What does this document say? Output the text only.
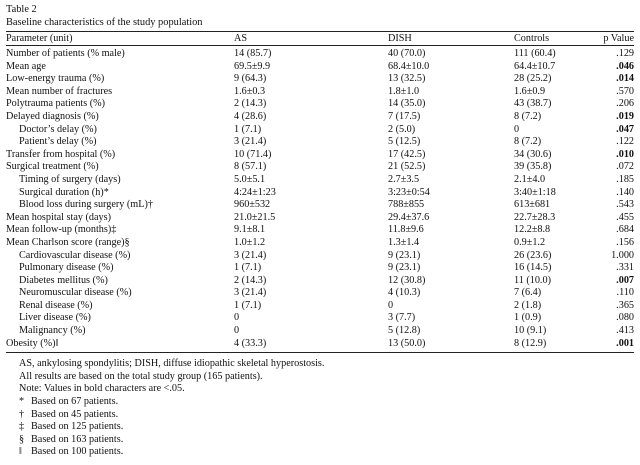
Table 2
Baseline characteristics of the study population
Parameter (unit)	AS	DISH	Controls	p Value
Number of patients (% male)	14 (85.7)	40 (70.0)	111 (60.4)	.129
Mean age	69.5±9.9	68.4±10.0	64.4±10.7	.046
Low-energy trauma (%)	9 (64.3)	13 (32.5)	28 (25.2)	.014
Mean number of fractures	1.6±0.3	1.8±1.0	1.6±0.9	.570
Polytrauma patients (%)	2 (14.3)	14 (35.0)	43 (38.7)	.206
Delayed diagnosis (%)	4 (28.6)	7 (17.5)	8 (7.2)	.019
Doctor’s delay (%)	1 (7.1)	2 (5.0)	0	.047
Patient’s delay (%)	3 (21.4)	5 (12.5)	8 (7.2)	.122
Transfer from hospital (%)	10 (71.4)	17 (42.5)	34 (30.6)	.010
Surgical treatment (%)	8 (57.1)	21 (52.5)	39 (35.8)	.072
Timing of surgery (days)	5.0±5.1	2.7±3.5	2.1±4.0	.185
Surgical duration (h)*	4:24±1:23	3:23±0:54	3:40±1:18	.140
Blood loss during surgery (mL)†	960±532	788±855	613±681	.543
Mean hospital stay (days)	21.0±21.5	29.4±37.6	22.7±28.3	.455
Mean follow-up (months)‡	9.1±8.1	11.8±9.6	12.2±8.8	.684
Mean Charlson score (range)§	1.0±1.2	1.3±1.4	0.9±1.2	.156
Cardiovascular disease (%)	3 (21.4)	9 (23.1)	26 (23.6)	1.000
Pulmonary disease (%)	1 (7.1)	9 (23.1)	16 (14.5)	.331
Diabetes mellitus (%)	2 (14.3)	12 (30.8)	11 (10.0)	.007
Neuromuscular disease (%)	3 (21.4)	4 (10.3)	7 (6.4)	.110
Renal disease (%)	1 (7.1)	0	2 (1.8)	.365
Liver disease (%)	0	3 (7.7)	1 (0.9)	.080
Malignancy (%)	0	5 (12.8)	10 (9.1)	.413
Obesity (%)‖	4 (33.3)	13 (50.0)	8 (12.9)	.001
AS, ankylosing spondylitis; DISH, diffuse idiopathic skeletal hyperostosis.
All results are based on the total study group (165 patients).
Note: Values in bold characters are <.05.
* Based on 67 patients.
† Based on 45 patients.
‡ Based on 125 patients.
§ Based on 163 patients.
‖ Based on 100 patients.
